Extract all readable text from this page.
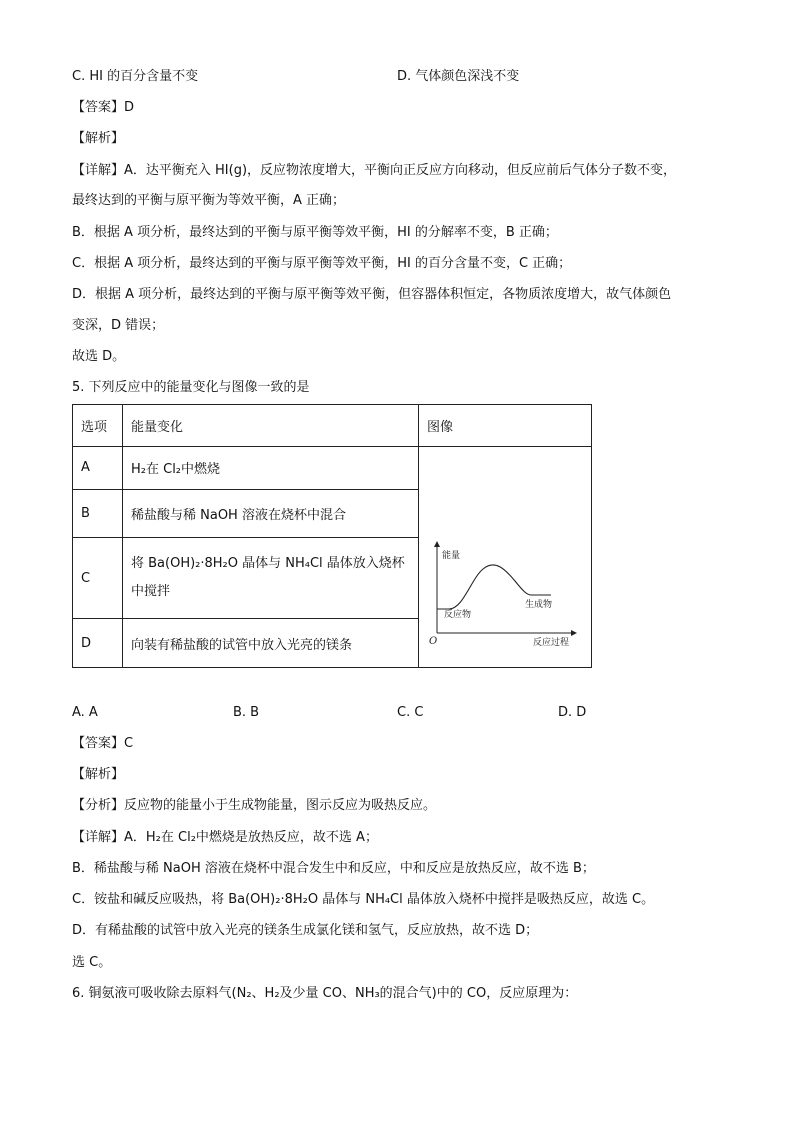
C. HI 的百分含量不变	D. 气体颜色深浅不变
【答案】D
【解析】
【详解】A．达平衡充入 HI(g)，反应物浓度增大，平衡向正反应方向移动，但反应前后气体分子数不变，
最终达到的平衡与原平衡为等效平衡，A 正确；
B．根据 A 项分析，最终达到的平衡与原平衡等效平衡，HI 的分解率不变，B 正确；
C．根据 A 项分析，最终达到的平衡与原平衡等效平衡，HI 的百分含量不变，C 正确；
D．根据 A 项分析，最终达到的平衡与原平衡等效平衡，但容器体积恒定，各物质浓度增大，故气体颜色
变深，D 错误；
故选 D。
5. 下列反应中的能量变化与图像一致的是
选项	能量变化	图像
A	H₂在 Cl₂中燃烧	能量
反应过程
O
反应物
生成物

B	稀盐酸与稀 NaOH 溶液在烧杯中混合	
C	将 Ba(OH)₂·8H₂O 晶体与 NH₄Cl 晶体放入烧杯
中搅拌	

D	向装有稀盐酸的试管中放入光亮的镁条	
A. A	B. B	C. C	D. D
【答案】C
【解析】
【分析】反应物的能量小于生成物能量，图示反应为吸热反应。
【详解】A．H₂在 Cl₂中燃烧是放热反应，故不选 A；
B．稀盐酸与稀 NaOH 溶液在烧杯中混合发生中和反应，中和反应是放热反应，故不选 B；
C．铵盐和碱反应吸热，将 Ba(OH)₂·8H₂O 晶体与 NH₄Cl 晶体放入烧杯中搅拌是吸热反应，故选 C。
D．有稀盐酸的试管中放入光亮的镁条生成氯化镁和氢气，反应放热，故不选 D；
选 C。
6. 铜氨液可吸收除去原料气(N₂、H₂及少量 CO、NH₃的混合气)中的 CO，反应原理为：
